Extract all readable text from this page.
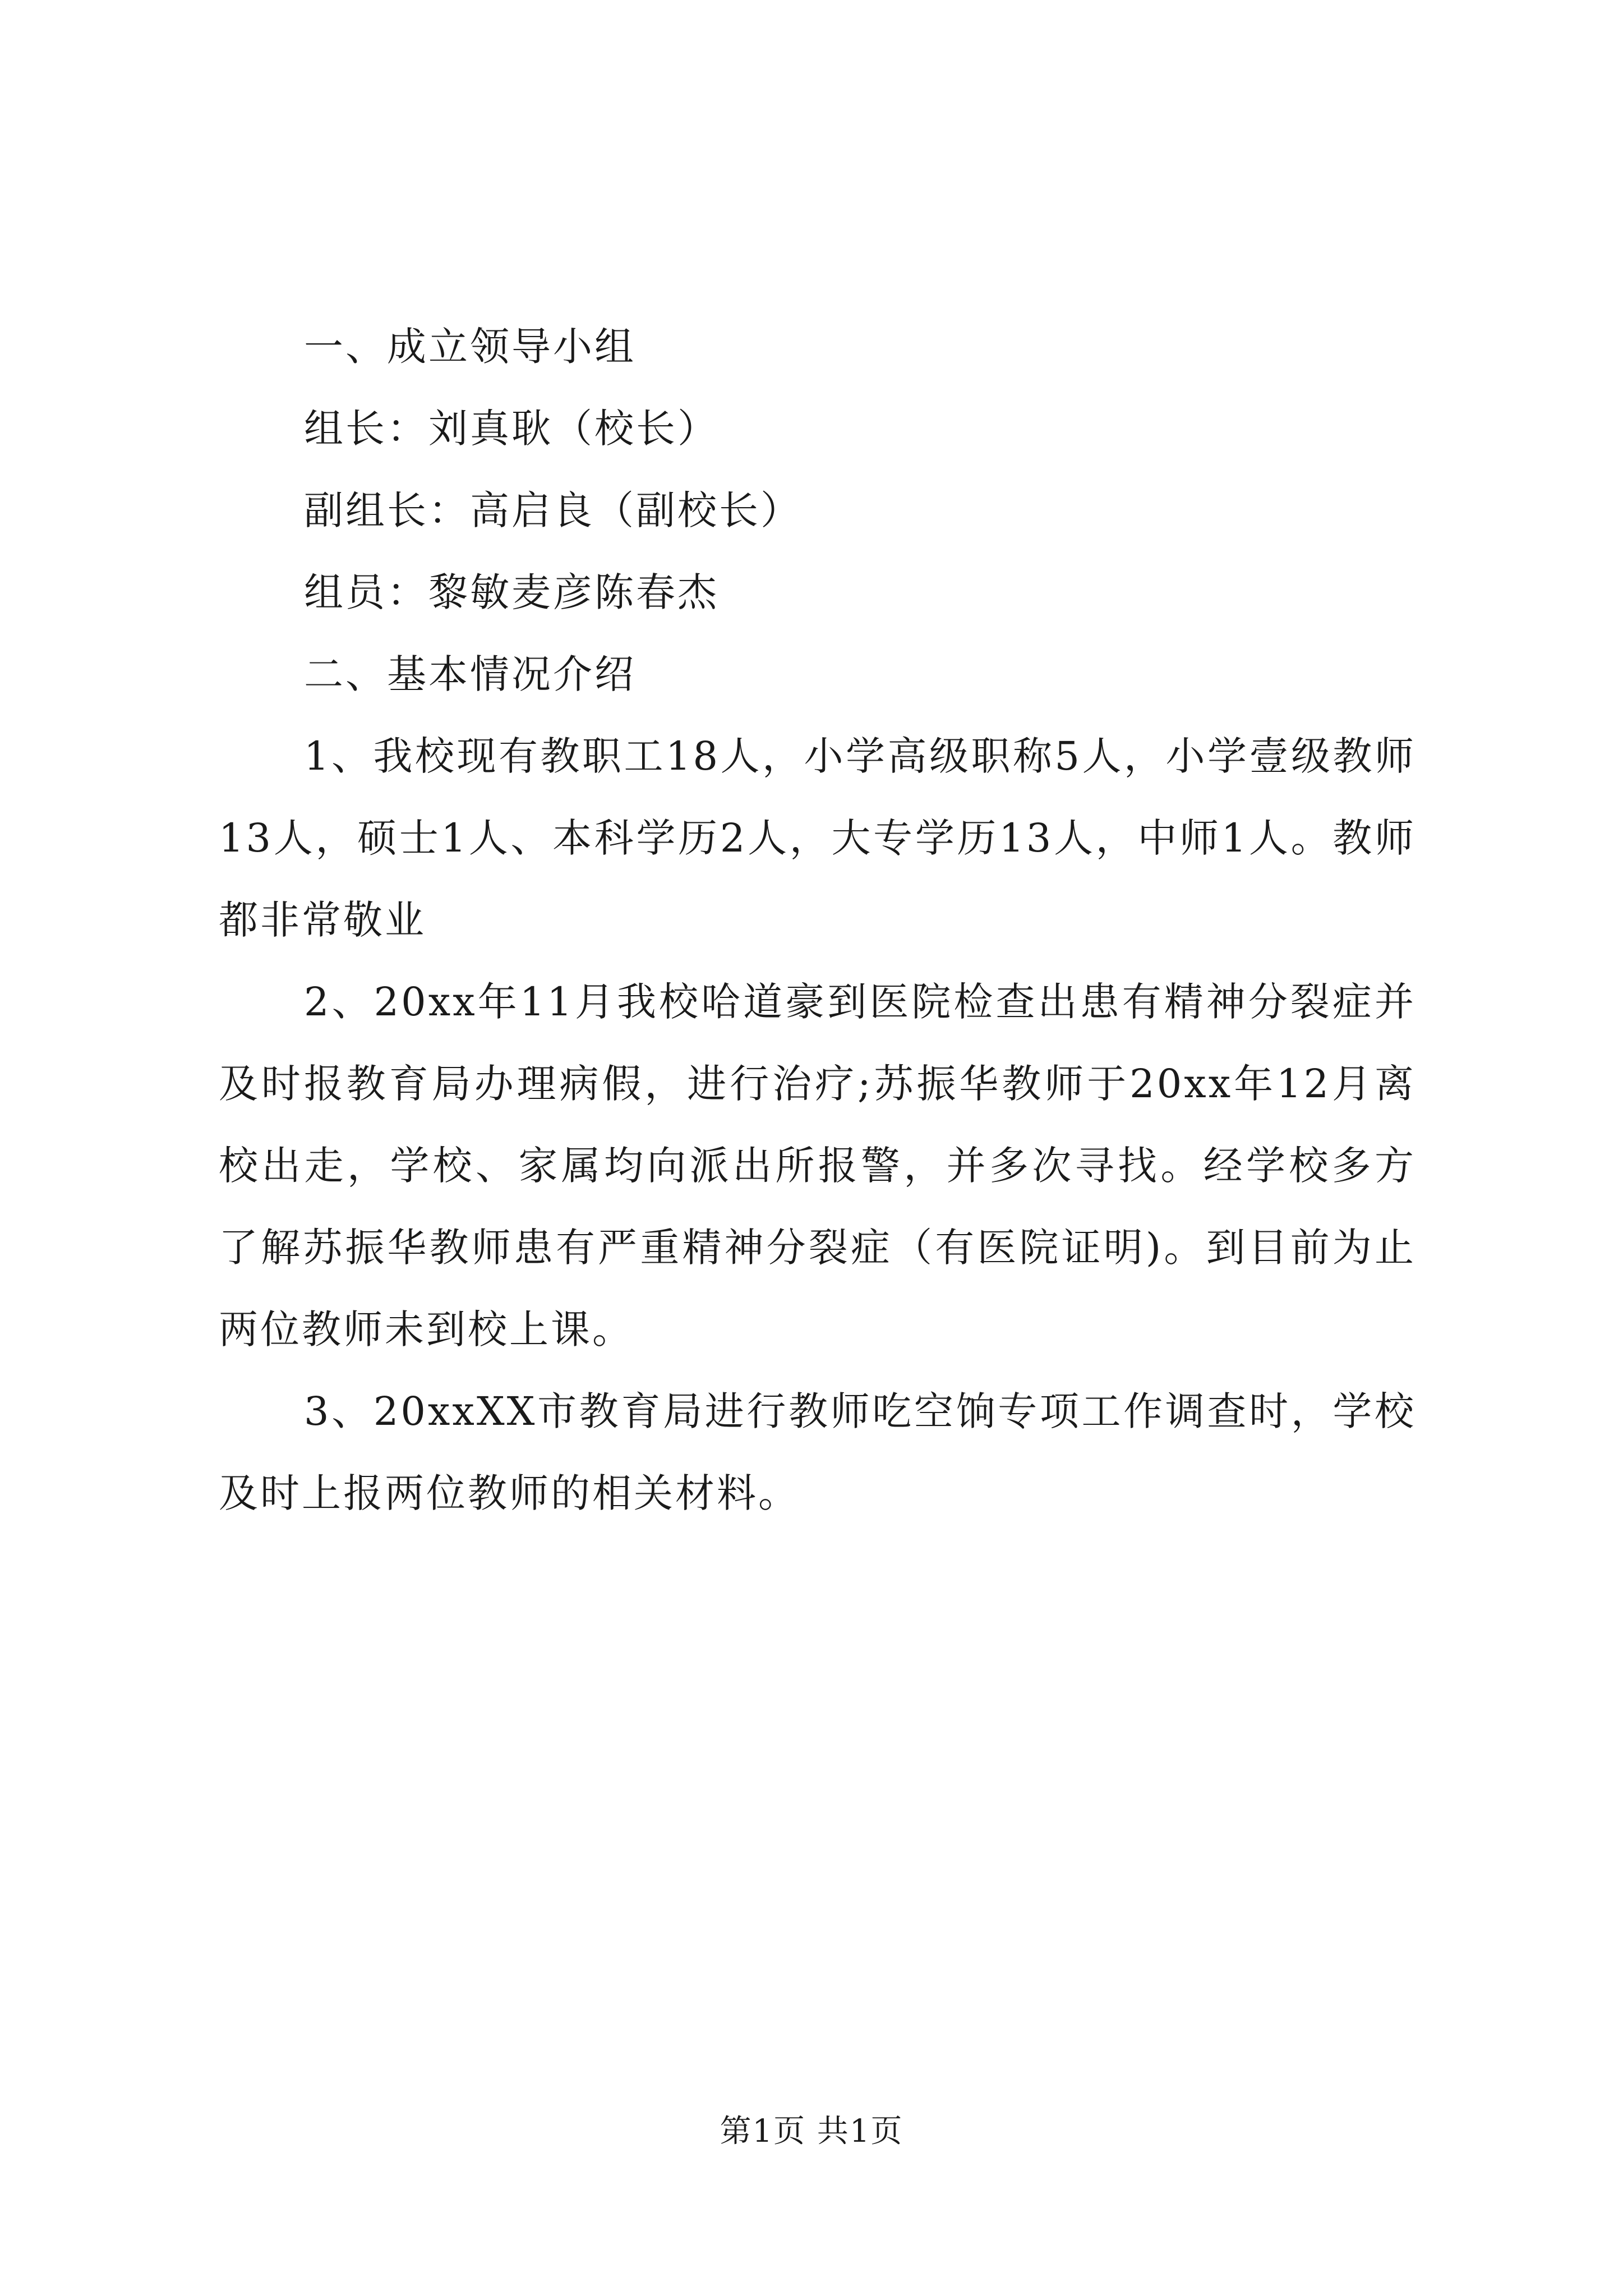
一、成立领导小组

组长：刘真耿（校长）

副组长：高启良（副校长）

组员：黎敏麦彦陈春杰

二、基本情况介绍

1、我校现有教职工18人，小学高级职称5人，小学壹级教师13人，硕士1人、本科学历2人，大专学历13人，中师1人。教师都非常敬业

2、20xx年11月我校哈道豪到医院检查出患有精神分裂症并及时报教育局办理病假，进行治疗;苏振华教师于20xx年12月离校出走，学校、家属均向派出所报警，并多次寻找。经学校多方了解苏振华教师患有严重精神分裂症（有医院证明)。到目前为止两位教师未到校上课。

3、20xxXX市教育局进行教师吃空饷专项工作调查时，学校及时上报两位教师的相关材料。

第1页 共1页
